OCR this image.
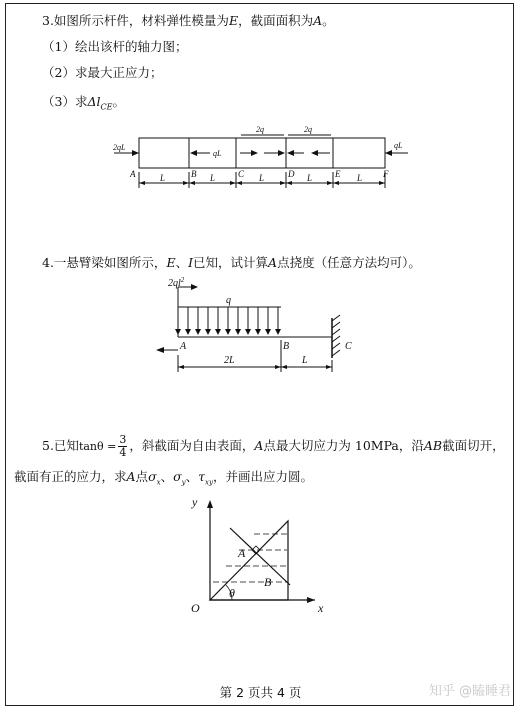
3.如图所示杆件，材料弹性模量为E，截面面积为A。
（1）绘出该杆的轴力图；
（2）求最大正应力；
（3）求$\Delta l_{CE}$。
2qL	qL
qL
2q	2q
A	B	C	D	E	F
L	L	L	L	L
4.一悬臂梁如图所示，E、I已知，试计算A点挠度（任意方法均可）。
$2ql^2$
q
A	B	C
2L	L
5.已知$\tan\theta = \frac{3}{4}$ ，斜截面为自由表面，A点最大切应力为 10MPa，沿AB截面切开，
截面有正的应力，求A点$\sigma_x$、$\sigma_y$、$\tau_{xy}$，并画出应力圆。
y
x
O
A
B
θ
第 2 页共 4 页	知乎 @瞌睡君
